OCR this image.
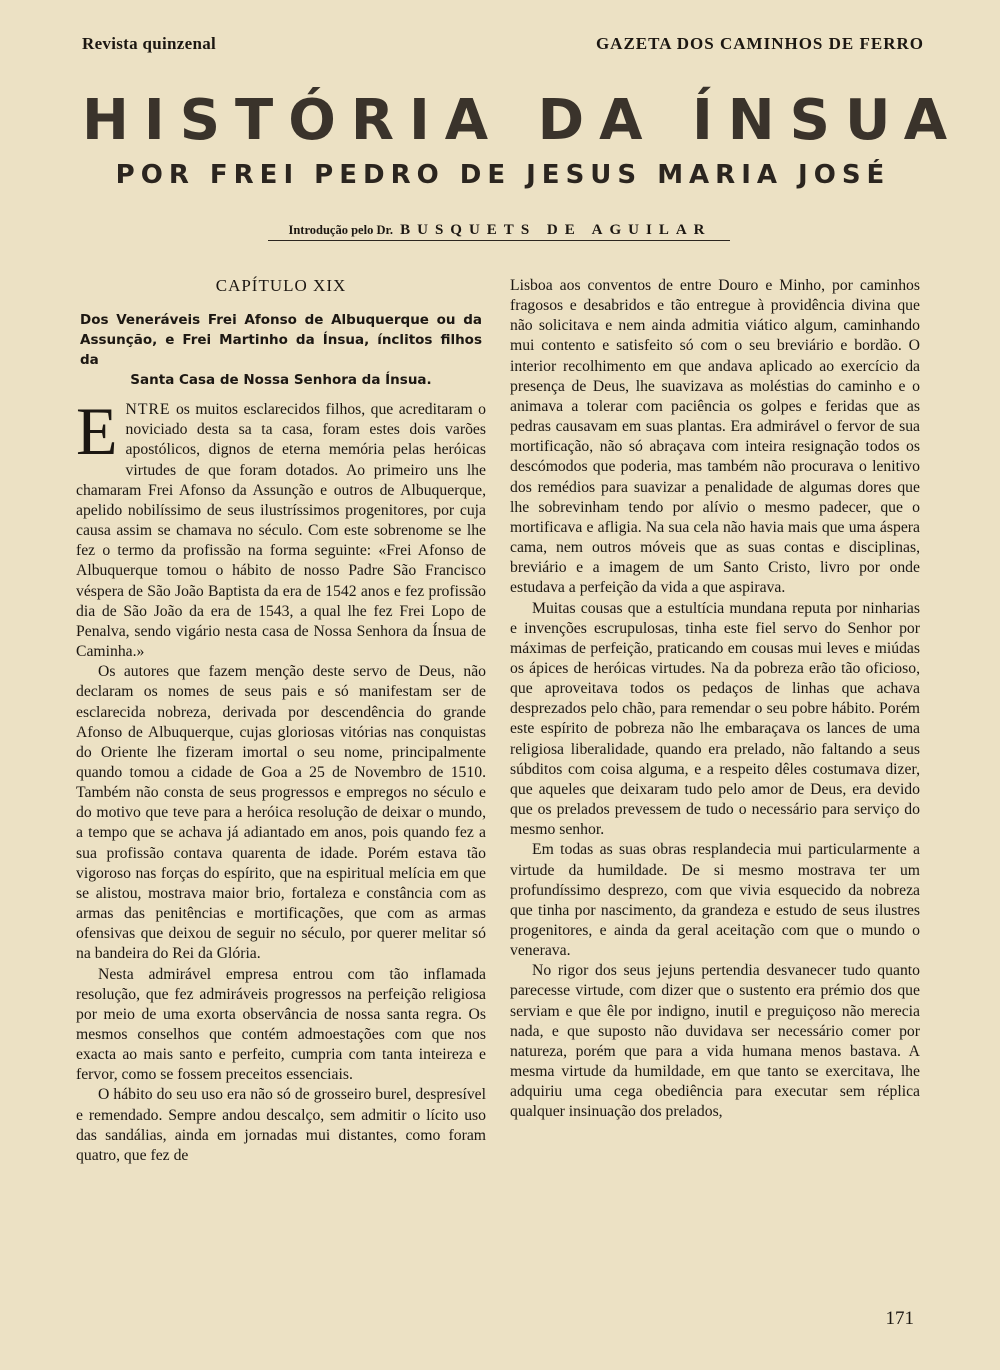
Revista quinzenal	GAZETA DOS CAMINHOS DE FERRO
HISTÓRIA DA ÍNSUA
POR FREI PEDRO DE JESUS MARIA JOSÉ
Introdução pelo Dr. BUSQUETS DE AGUILAR
CAPÍTULO XIX
Dos Veneráveis Frei Afonso de Albuquerque ou da Assunção, e Frei Martinho da Ínsua, ínclitos filhos da
Santa Casa de Nossa Senhora da Ínsua.

ENTRE os muitos esclarecidos filhos, que acreditaram o noviciado desta sa ta casa, foram estes dois varões apostólicos, dignos de eterna memória pelas heróicas virtudes de que foram dotados. Ao primeiro uns lhe chamaram Frei Afonso da Assunção e outros de Albuquerque, apelido nobilíssimo de seus ilustríssimos progenitores, por cuja causa assim se chamava no século. Com este sobrenome se lhe fez o termo da profissão na forma seguinte: «Frei Afonso de Albuquerque tomou o hábito de nosso Padre São Francisco véspera de São João Baptista da era de 1542 anos e fez profissão dia de São João da era de 1543, a qual lhe fez Frei Lopo de Penalva, sendo vigário nesta casa de Nossa Senhora da Ínsua de Caminha.»

Os autores que fazem menção deste servo de Deus, não declaram os nomes de seus pais e só manifestam ser de esclarecida nobreza, derivada por descendência do grande Afonso de Albuquerque, cujas gloriosas vitórias nas conquistas do Oriente lhe fizeram imortal o seu nome, principalmente quando tomou a cidade de Goa a 25 de Novembro de 1510. Também não consta de seus progressos e empregos no século e do motivo que teve para a heróica resolução de deixar o mundo, a tempo que se achava já adiantado em anos, pois quando fez a sua profissão contava quarenta de idade. Porém estava tão vigoroso nas forças do espírito, que na espiritual melícia em que se alistou, mostrava maior brio, fortaleza e constância com as armas das penitências e mortificações, que com as armas ofensivas que deixou de seguir no século, por querer melitar só na bandeira do Rei da Glória.

Nesta admirável empresa entrou com tão inflamada resolução, que fez admiráveis progressos na perfeição religiosa por meio de uma exorta observância de nossa santa regra. Os mesmos conselhos que contém admoestações com que nos exacta ao mais santo e perfeito, cumpria com tanta inteireza e fervor, como se fossem preceitos essenciais.

O hábito do seu uso era não só de grosseiro burel, despresível e remendado. Sempre andou descalço, sem admitir o lícito uso das sandálias, ainda em jornadas mui distantes, como foram quatro, que fez de

Lisboa aos conventos de entre Douro e Minho, por caminhos fragosos e desabridos e tão entregue à providência divina que não solicitava e nem ainda admitia viático algum, caminhando mui contento e satisfeito só com o seu breviário e bordão. O interior recolhimento em que andava aplicado ao exercício da presença de Deus, lhe suavizava as moléstias do caminho e o animava a tolerar com paciência os golpes e feridas que as pedras causavam em suas plantas. Era admirável o fervor de sua mortificação, não só abraçava com inteira resignação todos os descómodos que poderia, mas também não procurava o lenitivo dos remédios para suavizar a penalidade de algumas dores que lhe sobrevinham tendo por alívio o mesmo padecer, que o mortificava e afligia. Na sua cela não havia mais que uma áspera cama, nem outros móveis que as suas contas e disciplinas, breviário e a imagem de um Santo Cristo, livro por onde estudava a perfeição da vida a que aspirava.

Muitas cousas que a estultícia mundana reputa por ninharias e invenções escrupulosas, tinha este fiel servo do Senhor por máximas de perfeição, praticando em cousas mui leves e miúdas os ápices de heróicas virtudes. Na da pobreza erão tão oficioso, que aproveitava todos os pedaços de linhas que achava desprezados pelo chão, para remendar o seu pobre hábito. Porém este espírito de pobreza não lhe embaraçava os lances de uma religiosa liberalidade, quando era prelado, não faltando a seus súbditos com coisa alguma, e a respeito dêles costumava dizer, que aqueles que deixaram tudo pelo amor de Deus, era devido que os prelados prevessem de tudo o necessário para serviço do mesmo senhor.

Em todas as suas obras resplandecia mui particularmente a virtude da humildade. De si mesmo mostrava ter um profundíssimo desprezo, com que vivia esquecido da nobreza que tinha por nascimento, da grandeza e estudo de seus ilustres progenitores, e ainda da geral aceitação com que o mundo o venerava.

No rigor dos seus jejuns pertendia desvanecer tudo quanto parecesse virtude, com dizer que o sustento era prémio dos que serviam e que êle por indigno, inutil e preguiçoso não merecia nada, e que suposto não duvidava ser necessário comer por natureza, porém que para a vida humana menos bastava. A mesma virtude da humildade, em que tanto se exercitava, lhe adquiriu uma cega obediência para executar sem réplica qualquer insinuação dos prelados,

171
